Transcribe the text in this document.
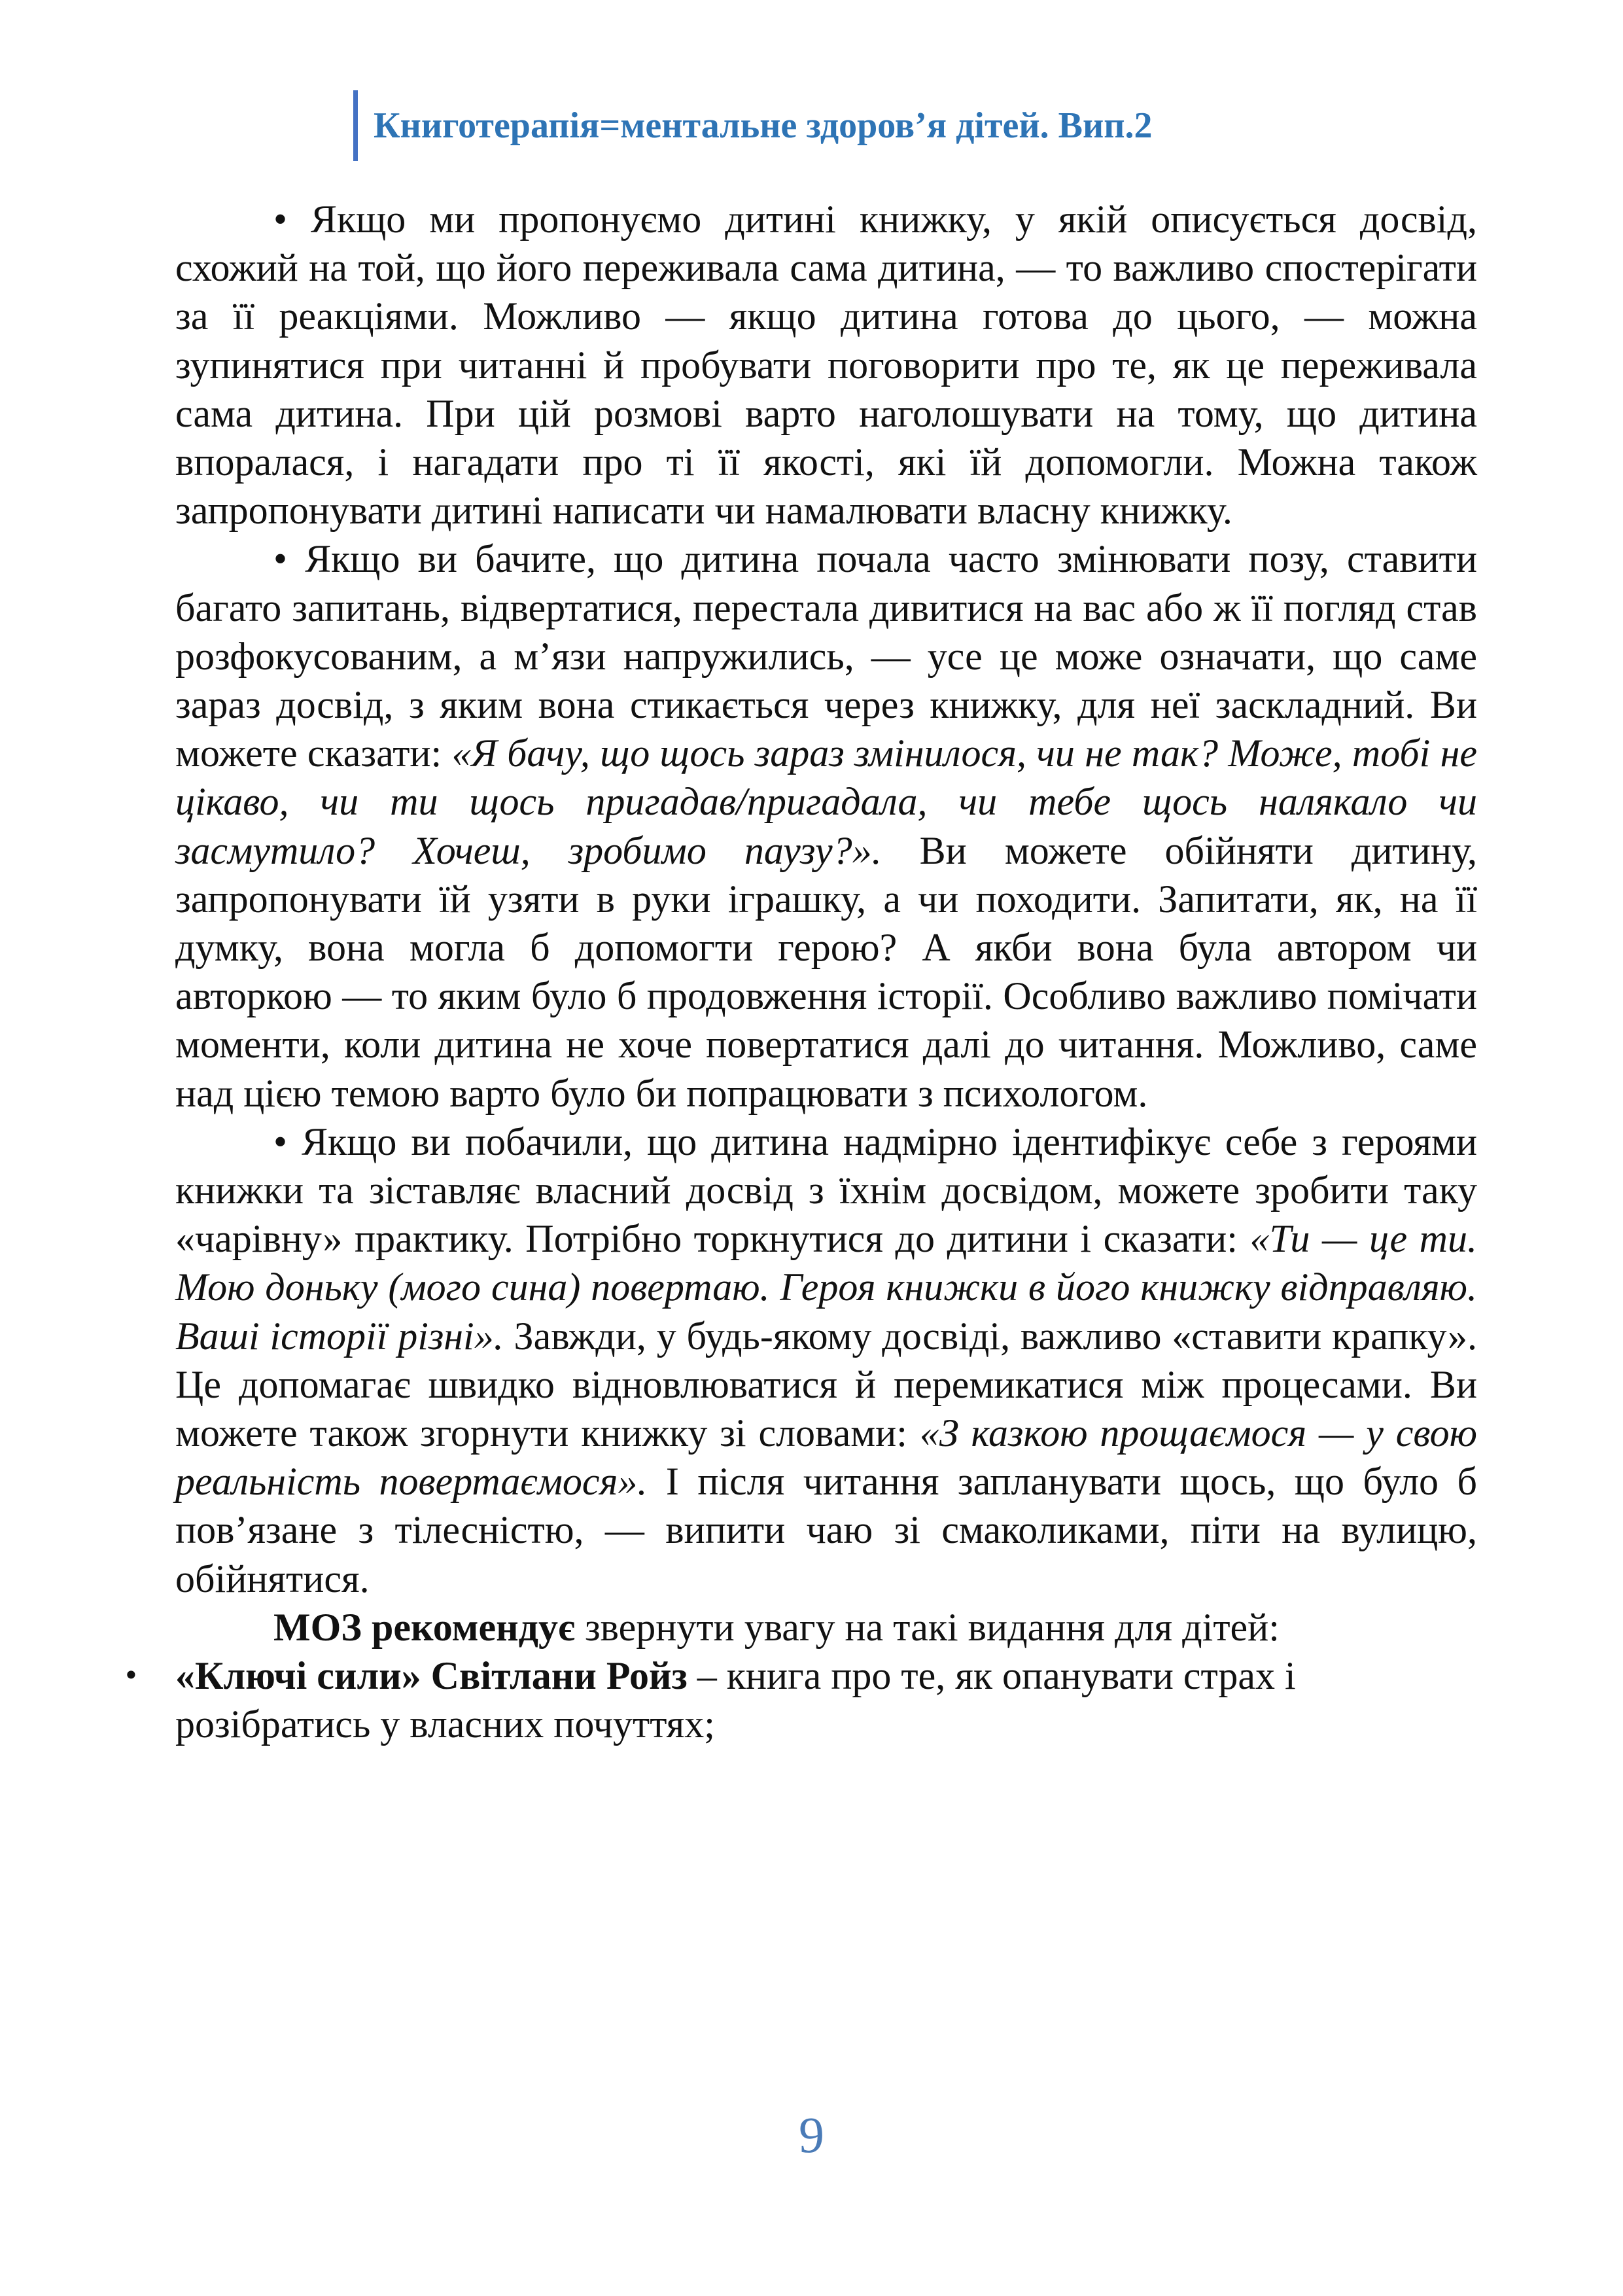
Книготерапія=ментальне здоров’я дітей. Вип.2

• Якщо ми пропонуємо дитині книжку, у якій описується досвід, схожий на той, що його переживала сама дитина, — то важливо спостерігати за її реакціями. Можливо — якщо дитина готова до цього, — можна зупинятися при читанні й пробувати поговорити про те, як це переживала сама дитина. При цій розмові варто наголошувати на тому, що дитина впоралася, і нагадати про ті її якості, які їй допомогли. Можна також запропонувати дитині написати чи намалювати власну книжку.

• Якщо ви бачите, що дитина почала часто змінювати позу, ставити багато запитань, відвертатися, перестала дивитися на вас або ж її погляд став розфокусованим, а м’язи напружились, — усе це може означати, що саме зараз досвід, з яким вона стикається через книжку, для неї заскладний. Ви можете сказати: «Я бачу, що щось зараз змінилося, чи не так? Може, тобі не цікаво, чи ти щось пригадав/пригадала, чи тебе щось налякало чи засмутило? Хочеш, зробимо паузу?». Ви можете обійняти дитину, запропонувати їй узяти в руки іграшку, а чи походити. Запитати, як, на її думку, вона могла б допомогти герою? А якби вона була автором чи авторкою — то яким було б продовження історії. Особливо важливо помічати моменти, коли дитина не хоче повертатися далі до читання. Можливо, саме над цією темою варто було би попрацювати з психологом.

• Якщо ви побачили, що дитина надмірно ідентифікує себе з героями книжки та зіставляє власний досвід з їхнім досвідом, можете зробити таку «чарівну» практику. Потрібно торкнутися до дитини і сказати: «Ти — це ти. Мою доньку (мого сина) повертаю. Героя книжки в його книжку відправляю. Ваші історії різні». Завжди, у будь-якому досвіді, важливо «ставити крапку». Це допомагає швидко відновлюватися й перемикатися між процесами. Ви можете також згорнути книжку зі словами: «З казкою прощаємося — у свою реальність повертаємося». І після читання запланувати щось, що було б пов’язане з тілесністю, — випити чаю зі смаколиками, піти на вулицю, обійнятися.

МОЗ рекомендує звернути увагу на такі видання для дітей:

• «Ключі сили» Світлани Ройз – книга про те, як опанувати страх і розібратись у власних почуттях;
9
